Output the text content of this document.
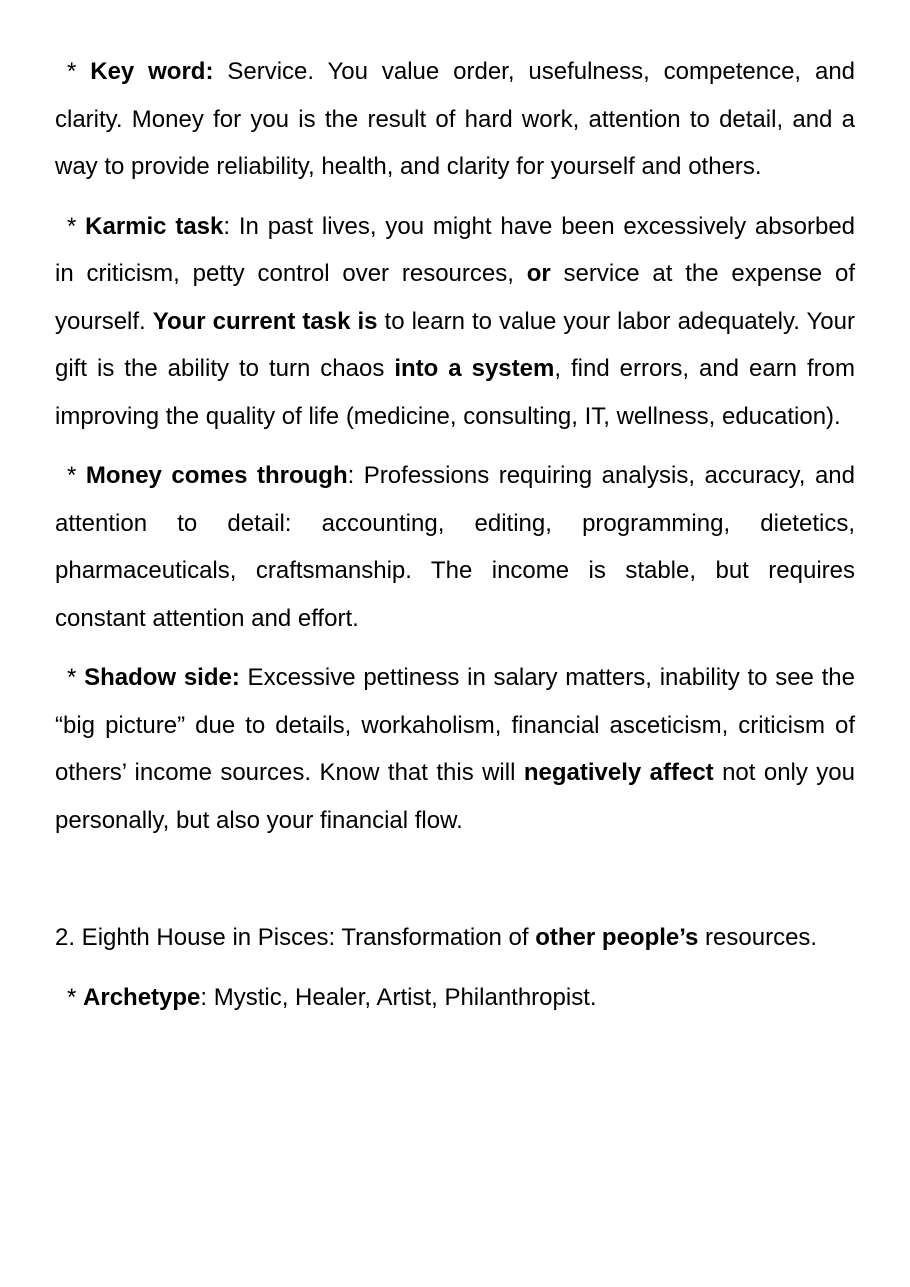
* Key word: Service. You value order, usefulness, competence, and clarity. Money for you is the result of hard work, attention to detail, and a way to provide reliability, health, and clarity for yourself and others.

* Karmic task: In past lives, you might have been excessively absorbed in criticism, petty control over resources, or service at the expense of yourself. Your current task is to learn to value your labor adequately. Your gift is the ability to turn chaos into a system, find errors, and earn from improving the quality of life (medicine, consulting, IT, wellness, education).

* Money comes through: Professions requiring analysis, accuracy, and attention to detail: accounting, editing, programming, dietetics, pharmaceuticals, craftsmanship. The income is stable, but requires constant attention and effort.

* Shadow side: Excessive pettiness in salary matters, inability to see the “big picture” due to details, workaholism, financial asceticism, criticism of others’ income sources. Know that this will negatively affect not only you personally, but also your financial flow.

2. Eighth House in Pisces: Transformation of other people’s resources.

* Archetype: Mystic, Healer, Artist, Philanthropist.
